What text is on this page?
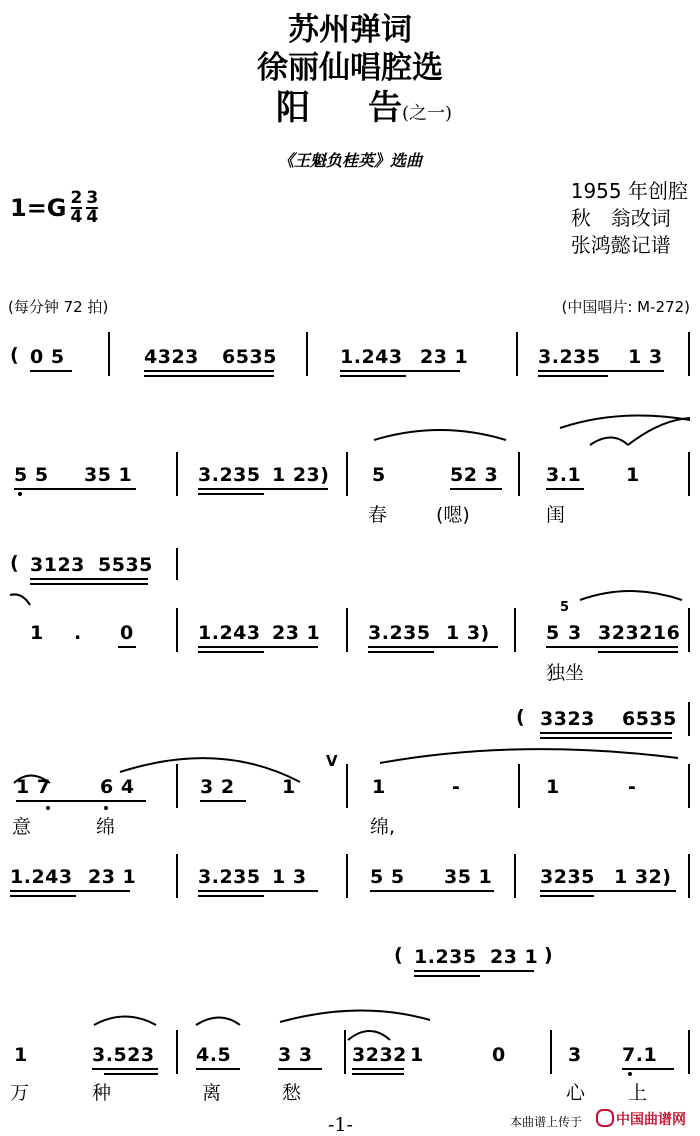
苏州弹词
徐丽仙唱腔选
阳 告(之一)
《王魁负桂英》选曲
$1=G \frac{2}{4} \frac{3}{4}$	1955 年创腔
秋　翁改词
张鸿懿记谱
(每分钟 72 拍)	(中国唱片: M-272)
( 0 5	4323 6535	1.243 23 1	3.235 1 3
5 5 35 1	3.235 1 23) 5	52 3	3.1 1
春	(嗯)	闺
( 3123 5535
1 . 0	1.243 23 1	3.235 1 3)	5
5
3 323216
独坐
( 3323 6535
1 7	6 4	3 2 1
V
1	-	1	-
意	绵	绵,
1.243 23 1	3.235 1 3	5 5 35 1	3235 1 32)
( 1.235 23 1 )
1	3.523 4.5 3 3 3232 1	0	3 7.1
万	种	离	愁	心 上
-1-	本曲谱上传于	中国曲谱网
